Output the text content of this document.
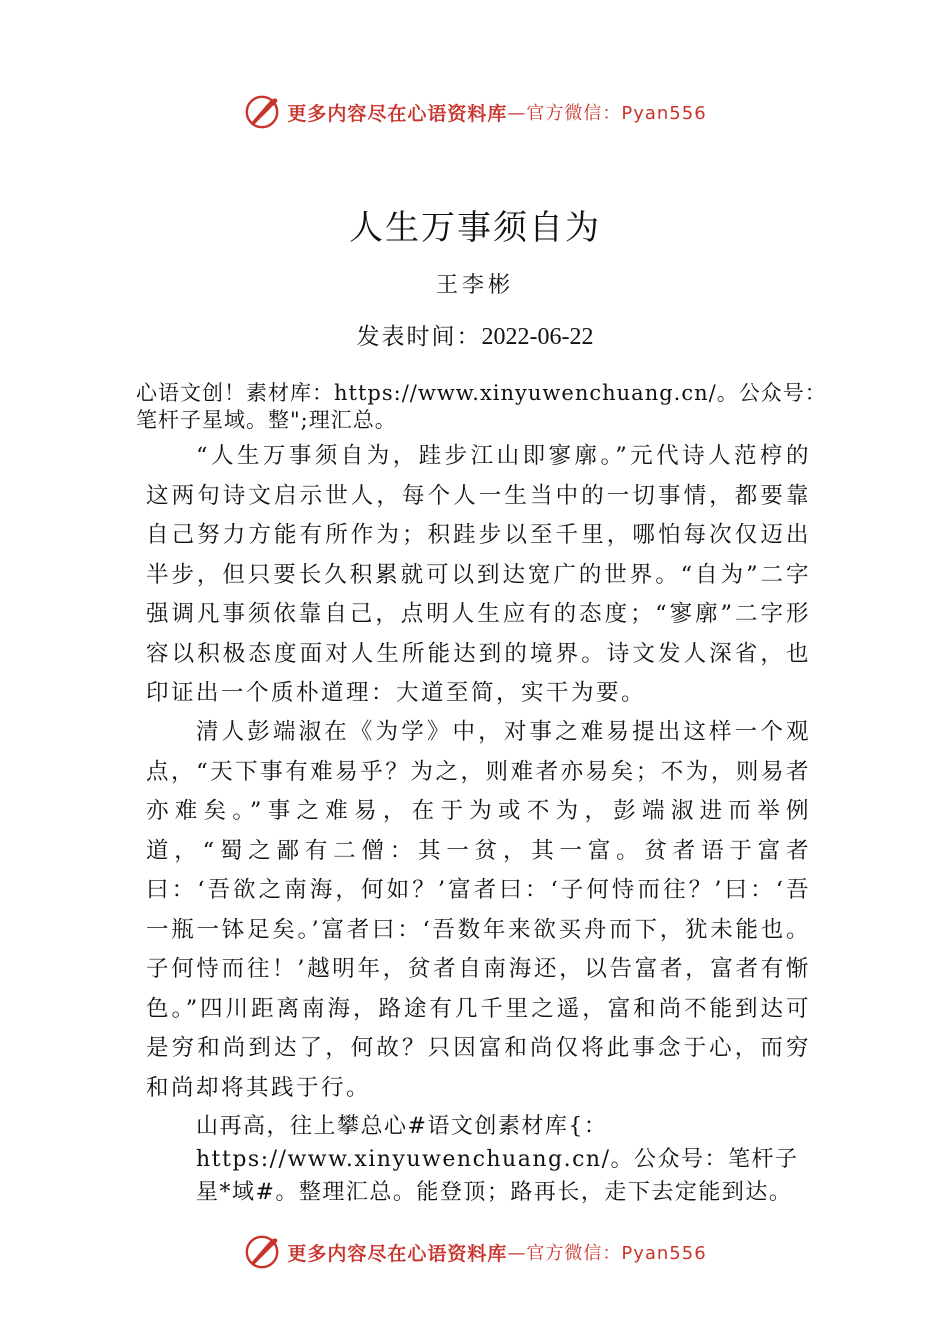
更多内容尽在心语资料库 —官方微信：Pyan556
人生万事须自为
王李彬
发表时间：2022-06-22
心语文创！素材库：https://www.xinyuwenchuang.cn/。公众号：笔杆子星域。整";理汇总。

“人生万事须自为，跬步江山即寥廓。”元代诗人范梈的这两句诗文启示世人，每个人一生当中的一切事情，都要靠自己努力方能有所作为；积跬步以至千里，哪怕每次仅迈出半步，但只要长久积累就可以到达宽广的世界。“自为”二字强调凡事须依靠自己，点明人生应有的态度；“寥廓”二字形容以积极态度面对人生所能达到的境界。诗文发人深省，也印证出一个质朴道理：大道至简，实干为要。

清人彭端淑在《为学》中，对事之难易提出这样一个观点，“天下事有难易乎？为之，则难者亦易矣；不为，则易者亦难矣。”事之难易，在于为或不为，彭端淑进而举例道，“蜀之鄙有二僧：其一贫，其一富。贫者语于富者曰：‘吾欲之南海，何如？’富者曰：‘子何恃而往？’曰：‘吾一瓶一钵足矣。’富者曰：‘吾数年来欲买舟而下，犹未能也。子何恃而往！’越明年，贫者自南海还，以告富者，富者有惭色。”四川距离南海，路途有几千里之遥，富和尚不能到达可是穷和尚到达了，何故？只因富和尚仅将此事念于心，而穷和尚却将其践于行。

山再高，往上攀总心#语文创素材库{：https://www.xinyuwenchuang.cn/。公众号：笔杆子星*域#。整理汇总。能登顶；路再长，走下去定能到达。
更多内容尽在心语资料库 —官方微信：Pyan556
